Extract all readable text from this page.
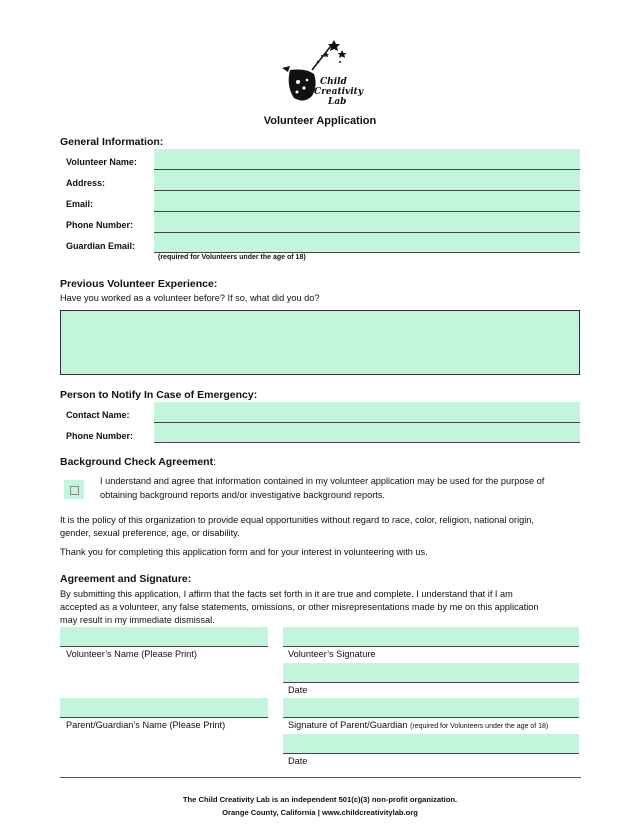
Child
Creativity
Lab
Volunteer Application
General Information:
Volunteer Name:
Address:
Email:
Phone Number:
Guardian Email:
(required for Volunteers under the age of 18)
Previous Volunteer Experience:
Have you worked as a volunteer before? If so, what did you do?
Person to Notify In Case of Emergency:
Contact Name:
Phone Number:
Background Check Agreement:
I understand and agree that information contained in my volunteer application may be used for the purpose of
obtaining background reports and/or investigative background reports.
It is the policy of this organization to provide equal opportunities without regard to race, color, religion, national origin,
gender, sexual preference, age, or disability.
Thank you for completing this application form and for your interest in volunteering with us.
Agreement and Signature:
By submitting this application, I affirm that the facts set forth in it are true and complete. I understand that if I am
accepted as a volunteer, any false statements, omissions, or other misrepresentations made by me on this application
may result in my immediate dismissal.
Volunteer’s Name (Please Print)	Volunteer’s Signature
Date
Parent/Guardian’s Name (Please Print)	Signature of Parent/Guardian (required for Volunteers under the age of 18)
Date
The Child Creativity Lab is an independent 501(c)(3) non-profit organization.
Orange County, California | www.childcreativitylab.org
